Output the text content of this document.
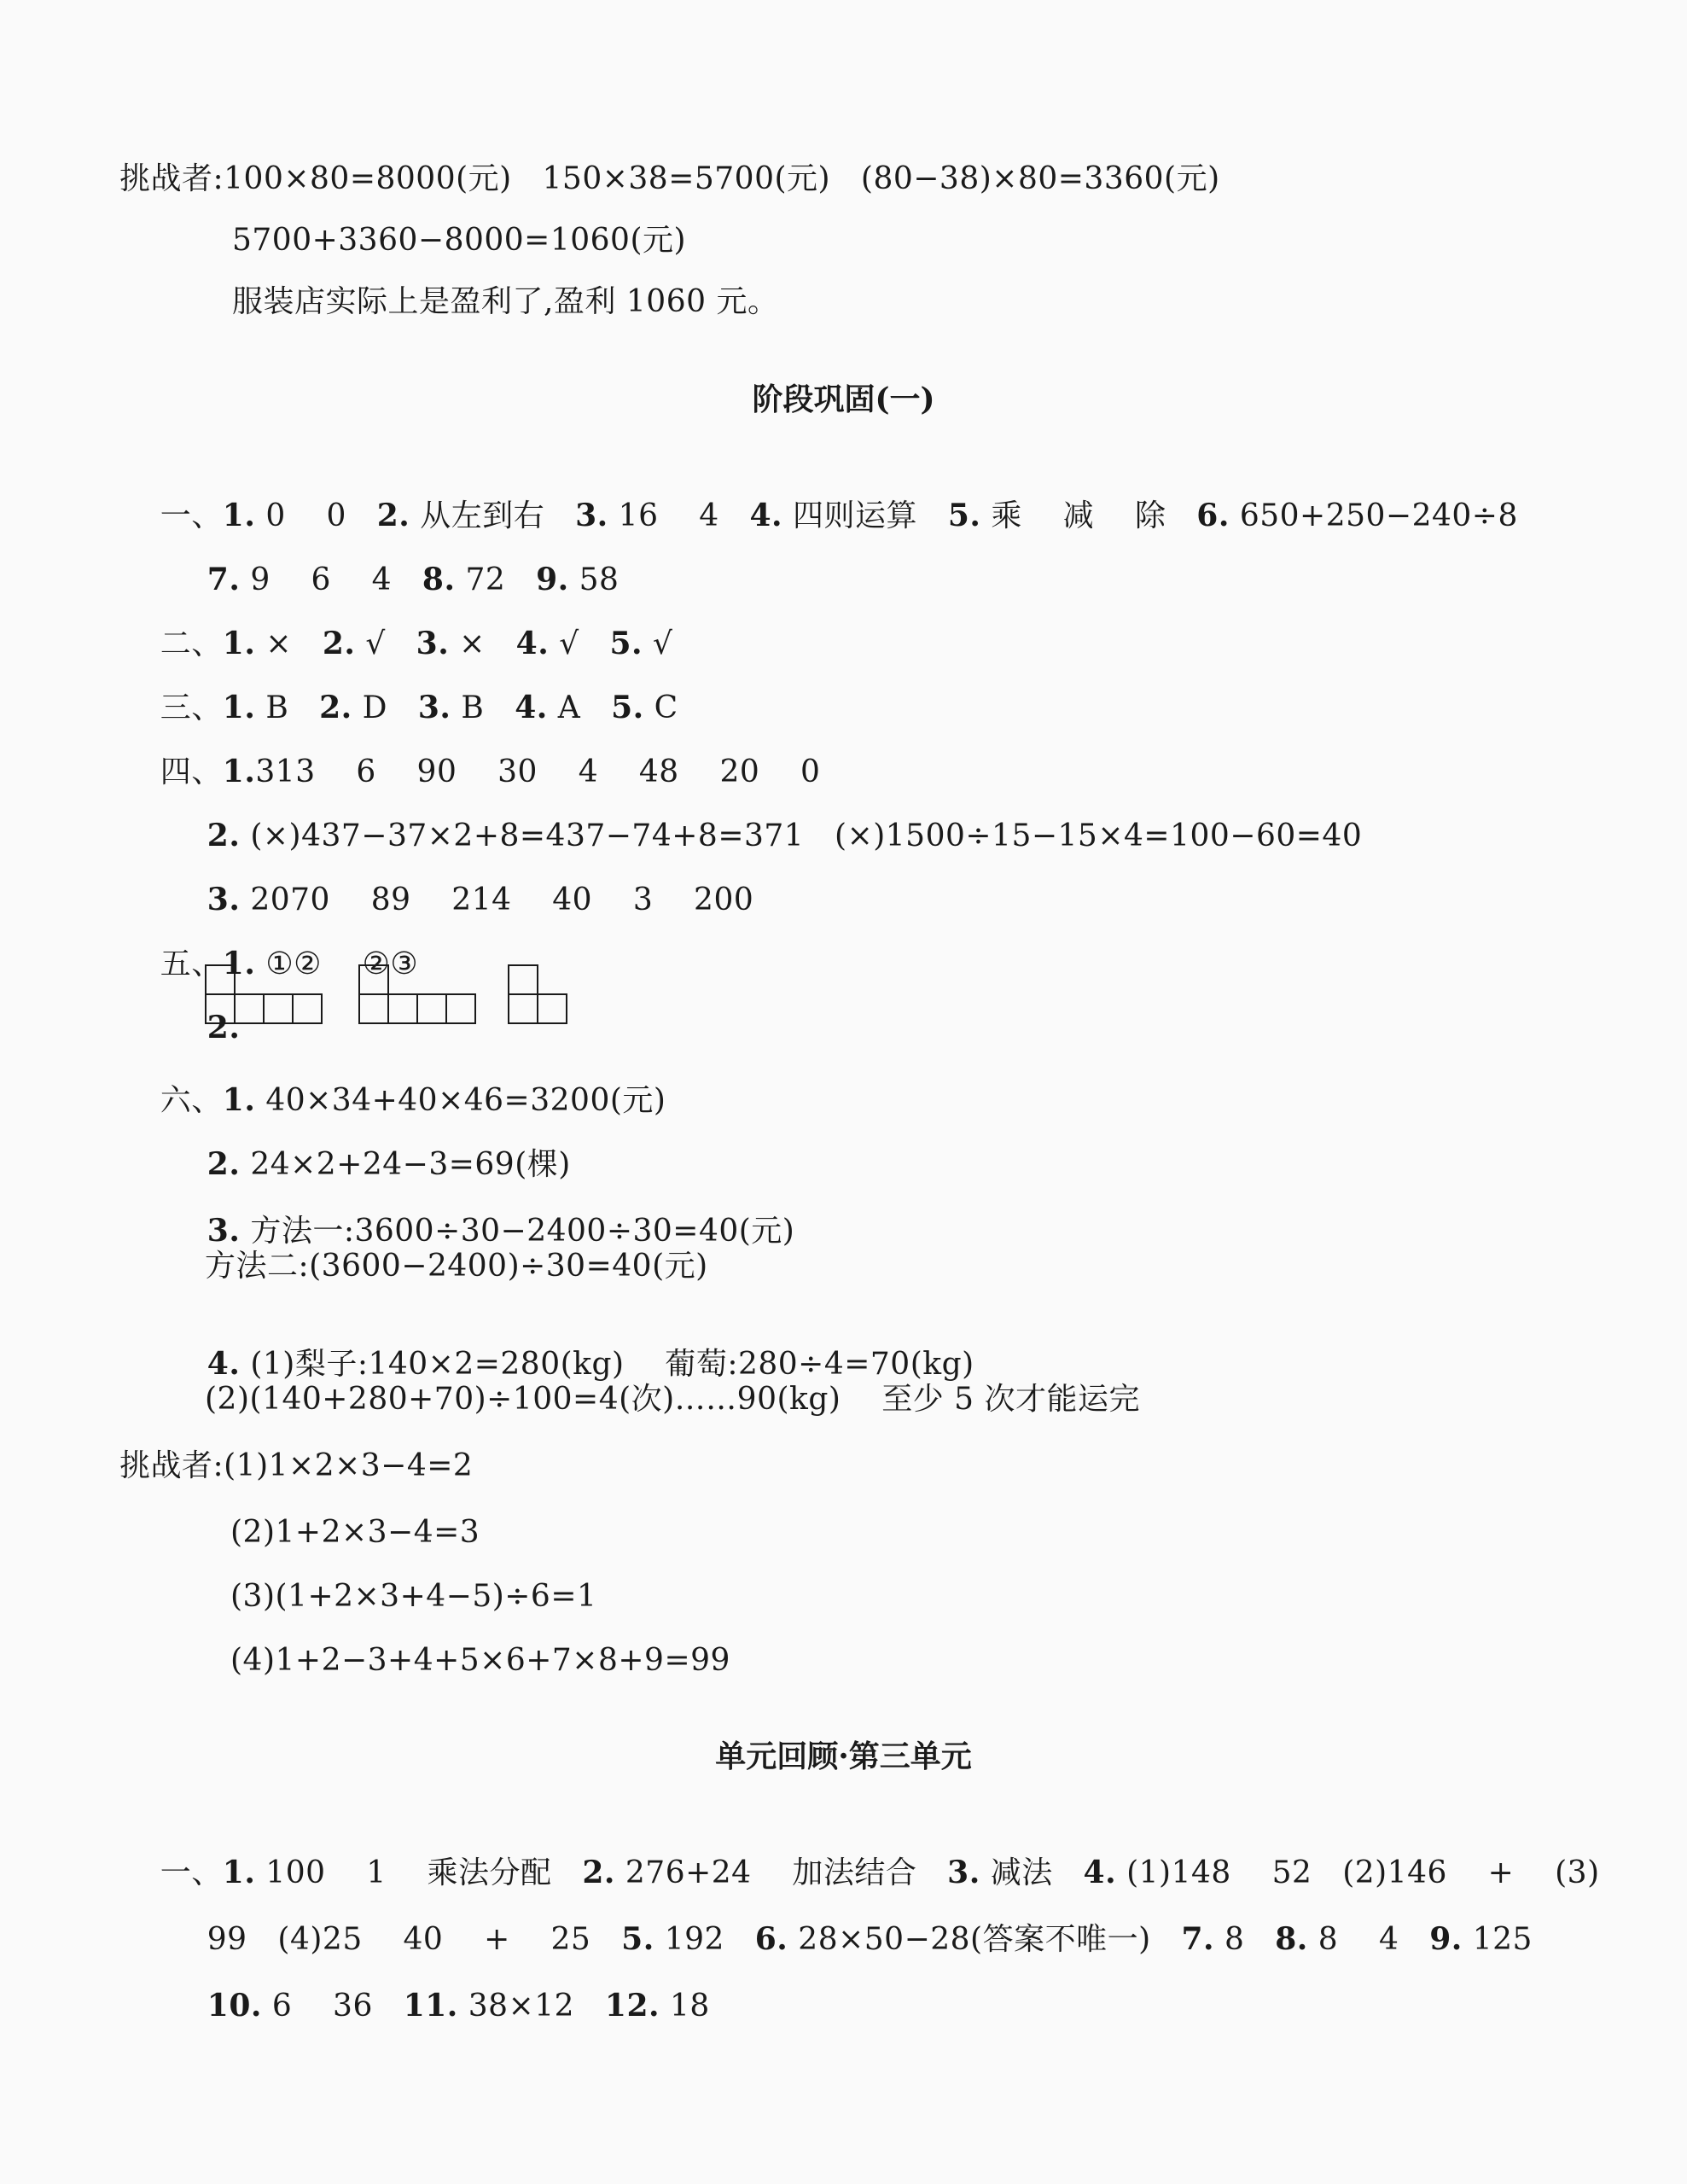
挑战者:100×80=8000(元)   150×38=5700(元)   (80−38)×80=3360(元)
5700+3360−8000=1060(元)
服装店实际上是盈利了,盈利 1060 元。
阶段巩固(一)

一、1. 0    0   2. 从左到右   3. 16    4   4. 四则运算   5. 乘    减    除   6. 650+250−240÷8

7. 9    6    4   8. 72   9. 58

二、1. ×   2. √   3. ×   4. √   5. √

三、1. B   2. D   3. B   4. A   5. C

四、1.313    6    90    30    4    48    20    0

2. (×)437−37×2+8=437−74+8=371   (×)1500÷15−15×4=100−60=40

3. 2070    89    214    40    3    200

五、1. ①②    ②③

2.

六、1. 40×34+40×46=3200(元)

2. 24×2+24−3=69(棵)

3. 方法一:3600÷30−2400÷30=40(元)

方法二:(3600−2400)÷30=40(元)

4. (1)梨子:140×2=280(kg)    葡萄:280÷4=70(kg)

(2)(140+280+70)÷100=4(次)……90(kg)    至少 5 次才能运完
挑战者:(1)1×2×3−4=2
(2)1+2×3−4=3
(3)(1+2×3+4−5)÷6=1
(4)1+2−3+4+5×6+7×8+9=99
单元回顾·第三单元

一、1. 100    1    乘法分配   2. 276+24    加法结合   3. 减法   4. (1)148    52   (2)146    +    (3)

99   (4)25    40    +    25   5. 192   6. 28×50−28(答案不唯一)   7. 8   8. 8    4   9. 125

10. 6    36   11. 38×12   12. 18
